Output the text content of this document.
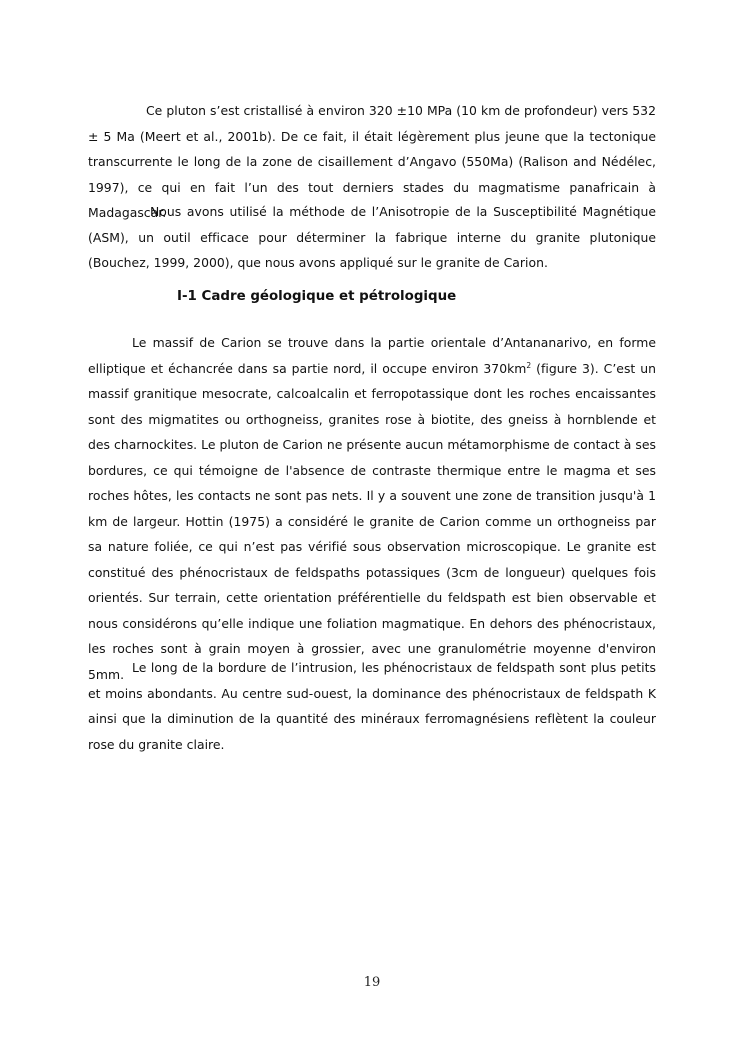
Ce pluton s’est cristallisé à environ 320 ±10 MPa (10 km de profondeur) vers 532 ± 5 Ma (Meert et al., 2001b). De ce fait, il était légèrement plus jeune que la tectonique transcurrente le long de la zone de cisaillement d’Angavo (550Ma) (Ralison and Nédélec, 1997), ce qui en fait l’un des tout derniers stades du magmatisme panafricain à Madagascar.

Nous avons utilisé la méthode de l’Anisotropie de la Susceptibilité Magnétique (ASM), un outil efficace pour déterminer la fabrique interne du granite plutonique (Bouchez, 1999, 2000), que nous avons appliqué sur le granite de Carion.

I-1 Cadre géologique et pétrologique

Le massif de Carion se trouve dans la partie orientale d’Antananarivo, en forme elliptique et échancrée dans sa partie nord, il occupe environ $370km^2$ (figure 3). C’est un massif granitique mesocrate, calcoalcalin et ferropotassique dont les roches encaissantes sont des migmatites ou orthogneiss, granites rose à biotite, des gneiss à hornblende et des charnockites. Le pluton de Carion ne présente aucun métamorphisme de contact à ses bordures, ce qui témoigne de l'absence de contraste thermique entre le magma et ses roches hôtes, les contacts ne sont pas nets. Il y a souvent une zone de transition jusqu'à 1 km de largeur. Hottin (1975) a considéré le granite de Carion comme un orthogneiss par sa nature foliée, ce qui n’est pas vérifié sous observation microscopique. Le granite est constitué des phénocristaux de feldspaths potassiques (3cm de longueur) quelques fois orientés. Sur terrain, cette orientation préférentielle du feldspath est bien observable et nous considérons qu’elle indique une foliation magmatique. En dehors des phénocristaux, les roches sont à grain moyen à grossier, avec une granulométrie moyenne d'environ 5mm. Le long de la bordure de l’intrusion, les phénocristaux de feldspath sont plus petits et moins abondants. Au centre sud-ouest, la dominance des phénocristaux de feldspath K ainsi que la diminution de la quantité des minéraux ferromagnésiens reflètent la couleur rose du granite claire.

19
